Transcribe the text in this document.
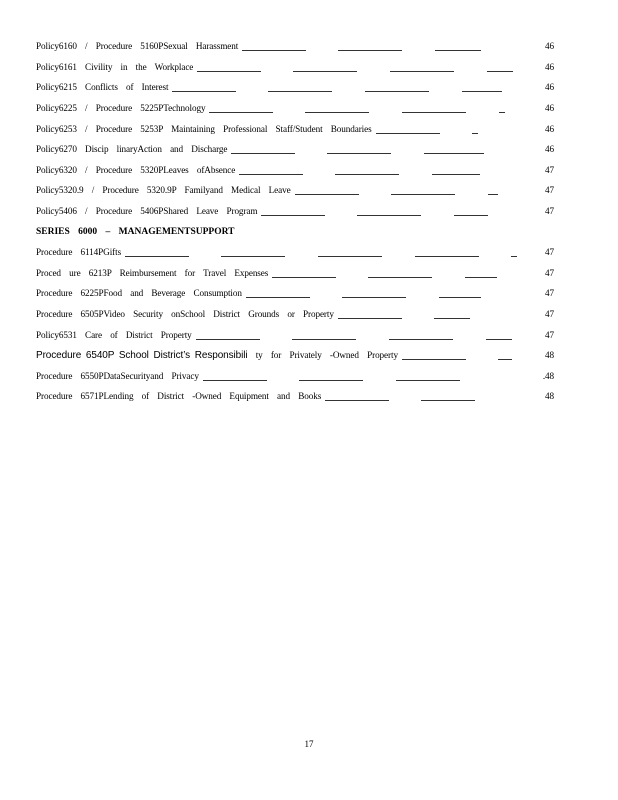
Policy6160 / Procedure 5160PSexual Harassment	46
Policy6161 Civility in the Workplace	46
Policy6215 Conflicts of Interest	46
Policy6225 / Procedure 5225PTechnology	46
Policy6253 / Procedure 5253P Maintaining Professional Staff/Student Boundaries	46
Policy6270 Discip linaryAction and Discharge	46
Policy6320 / Procedure 5320PLeaves ofAbsence	47
Policy5320.9 / Procedure 5320.9P Familyand Medical Leave	47
Policy5406 / Procedure 5406PShared Leave Program	47
SERIES 6000 – MANAGEMENTSUPPORT
Procedure 6114PGifts	47
Proced ure 6213P Reimbursement for Travel Expenses	47
Procedure 6225PFood and Beverage Consumption	47
Procedure 6505PVideo Security onSchool District Grounds or Property	47
Policy6531 Care of District Property	47
Procedure 6540P School District’s Responsibili ty for Privately -Owned Property	48
Procedure 6550PDataSecurityand Privacy	.48
Procedure 6571PLending of District -Owned Equipment and Books	48
17
